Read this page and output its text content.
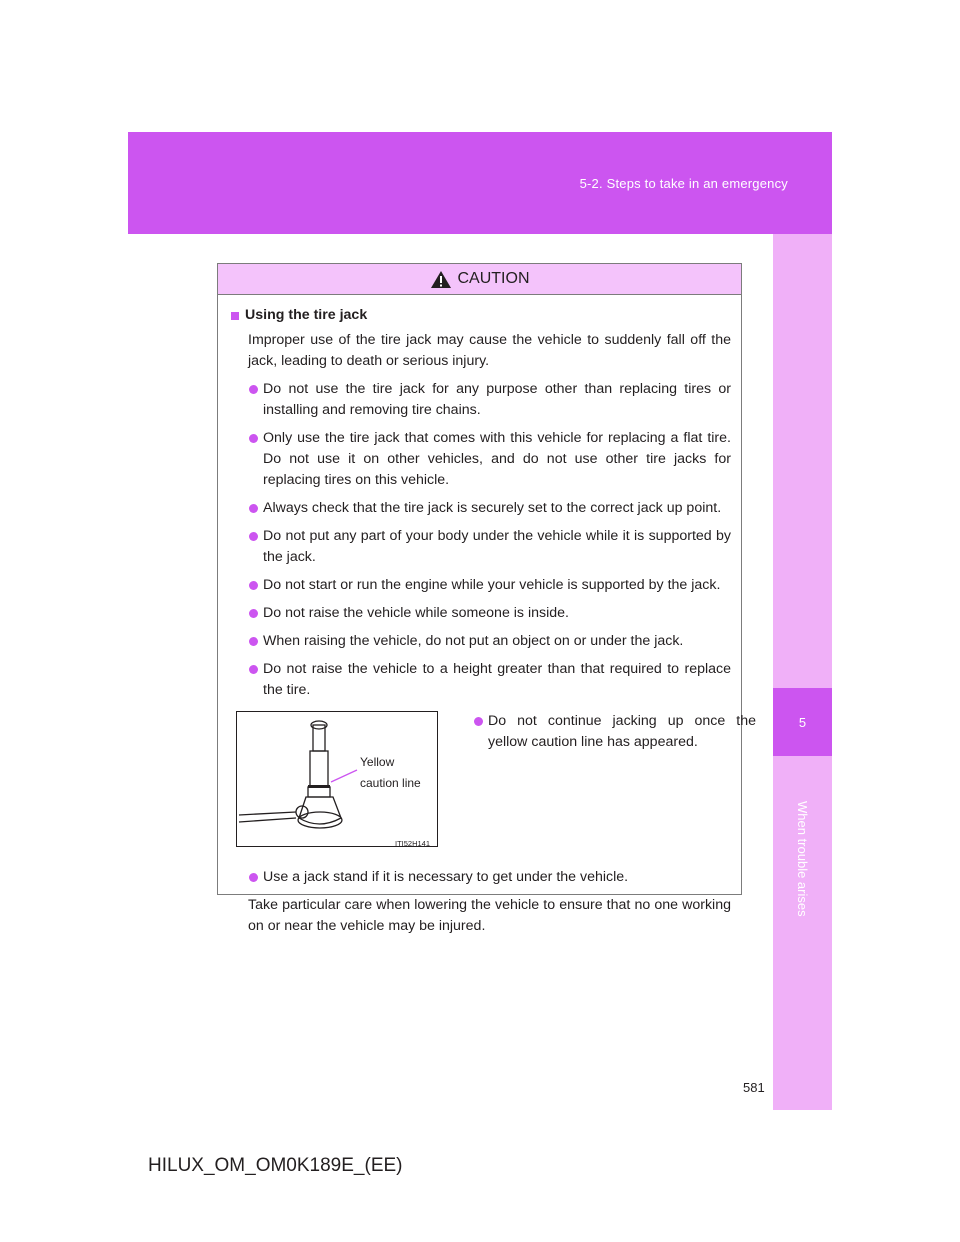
5-2. Steps to take in an emergency
5
When trouble arises
CAUTION
Using the tire jack
Improper use of the tire jack may cause the vehicle to suddenly fall off the jack, leading to death or serious injury.
Do not use the tire jack for any purpose other than replacing tires or installing and removing tire chains.
Only use the tire jack that comes with this vehicle for replacing a flat tire. Do not use it on other vehicles, and do not use other tire jacks for replacing tires on this vehicle.
Always check that the tire jack is securely set to the correct jack up point.
Do not put any part of your body under the vehicle while it is supported by the jack.
Do not start or run the engine while your vehicle is supported by the jack.
Do not raise the vehicle while someone is inside.
When raising the vehicle, do not put an object on or under the jack.
Do not raise the vehicle to a height greater than that required to replace the tire.
Yellow
caution line
ITI52H141
Do not continue jacking up once the yellow caution line has appeared.
Use a jack stand if it is necessary to get under the vehicle.
Take particular care when lowering the vehicle to ensure that no one working on or near the vehicle may be injured.
581
HILUX_OM_OM0K189E_(EE)
